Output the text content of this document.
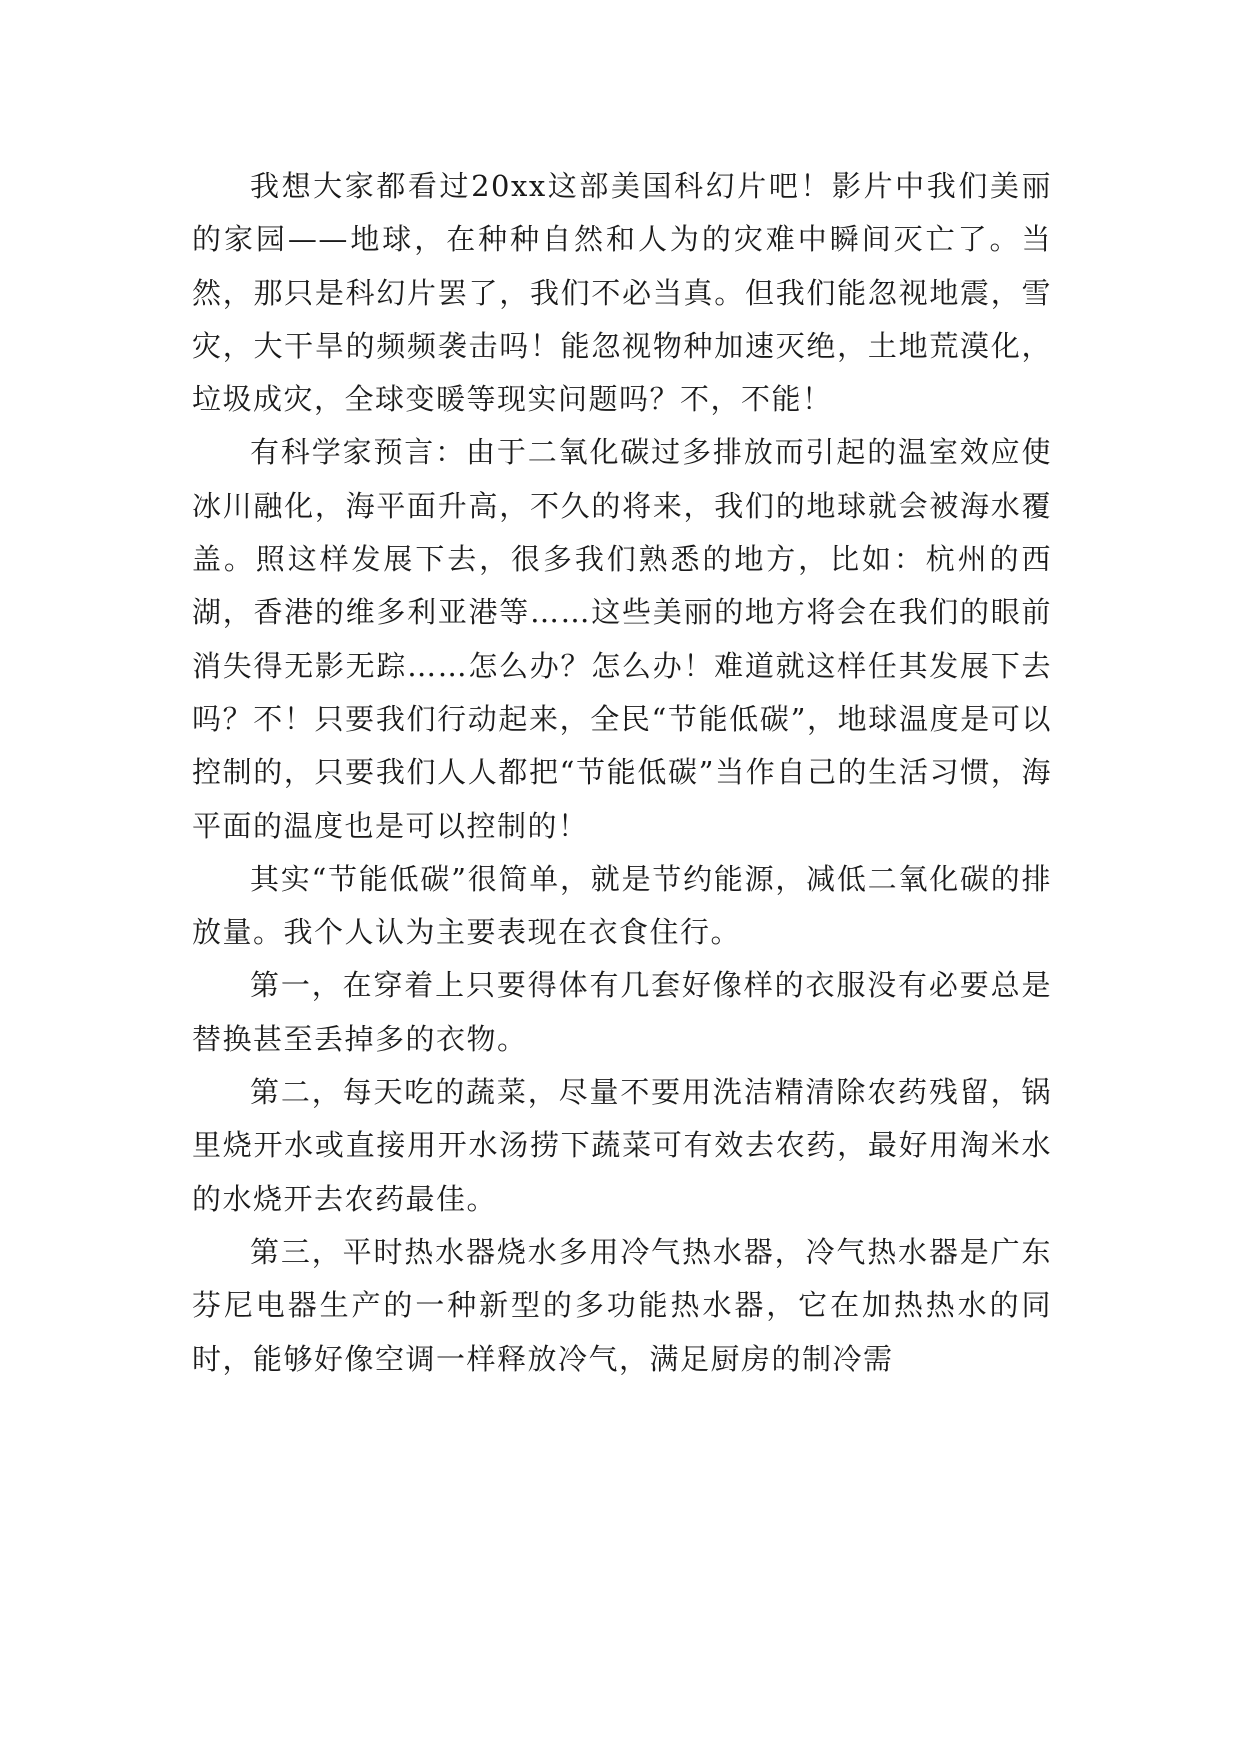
我想大家都看过20xx这部美国科幻片吧！影片中我们美丽的家园——地球，在种种自然和人为的灾难中瞬间灭亡了。当然，那只是科幻片罢了，我们不必当真。但我们能忽视地震，雪灾，大干旱的频频袭击吗！能忽视物种加速灭绝，土地荒漠化，垃圾成灾，全球变暖等现实问题吗？不，不能！

有科学家预言：由于二氧化碳过多排放而引起的温室效应使冰川融化，海平面升高，不久的将来，我们的地球就会被海水覆盖。照这样发展下去，很多我们熟悉的地方，比如：杭州的西湖，香港的维多利亚港等……这些美丽的地方将会在我们的眼前消失得无影无踪……怎么办？怎么办！难道就这样任其发展下去吗？不！只要我们行动起来，全民“节能低碳”，地球温度是可以控制的，只要我们人人都把“节能低碳”当作自己的生活习惯，海平面的温度也是可以控制的！

其实“节能低碳”很简单，就是节约能源，减低二氧化碳的排放量。我个人认为主要表现在衣食住行。

第一，在穿着上只要得体有几套好像样的衣服没有必要总是替换甚至丢掉多的衣物。

第二，每天吃的蔬菜，尽量不要用洗洁精清除农药残留，锅里烧开水或直接用开水汤捞下蔬菜可有效去农药，最好用淘米水的水烧开去农药最佳。

第三，平时热水器烧水多用冷气热水器，冷气热水器是广东芬尼电器生产的一种新型的多功能热水器，它在加热热水的同时，能够好像空调一样释放冷气，满足厨房的制冷需
